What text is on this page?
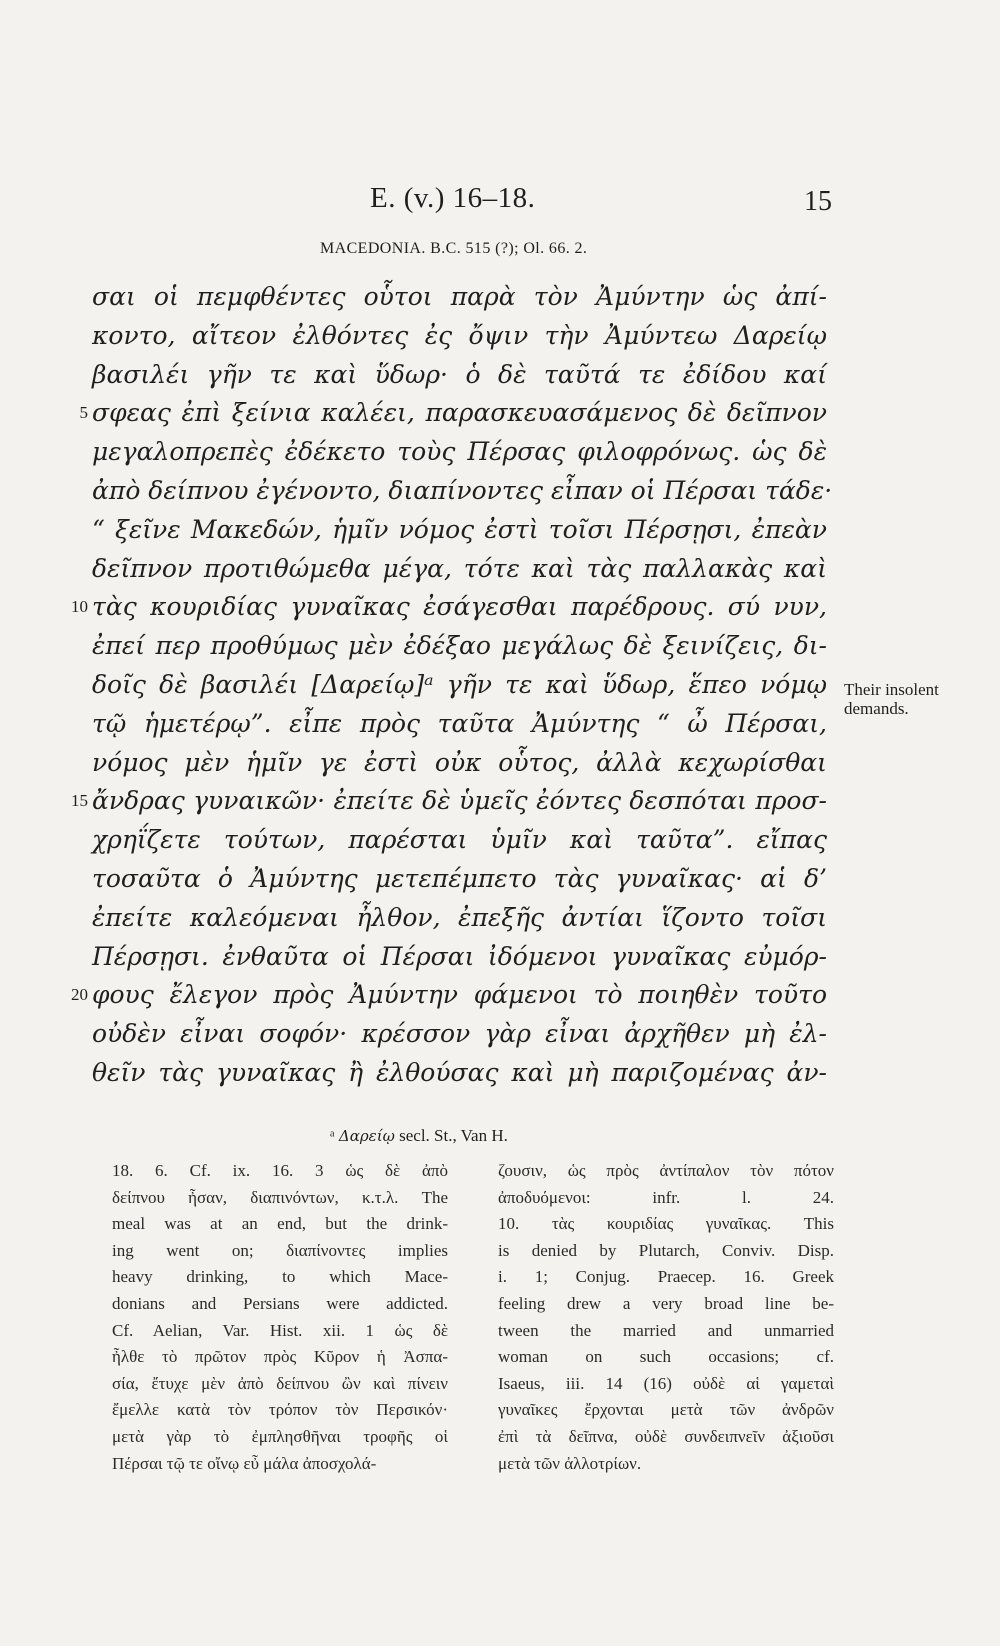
E. (v.) 16–18.	15
MACEDONIA. B.C. 515 (?); Ol. 66. 2.
σαι οἱ πεμφθέντες οὗτοι παρὰ τὸν Ἀμύντην ὡς ἀπί-
κοντο, αἴτεον ἐλθόντες ἐς ὄψιν τὴν Ἀμύντεω Δαρείῳ
βασιλέι γῆν τε καὶ ὕδωρ· ὁ δὲ ταῦτά τε ἐδίδου καί
σφεας ἐπὶ ξείνια καλέει, παρασκευασάμενος δὲ δεῖπνον
5
μεγαλοπρεπὲς ἐδέκετο τοὺς Πέρσας φιλοφρόνως. ὡς δὲ
ἀπὸ δείπνου ἐγένοντο, διαπίνοντες εἶπαν οἱ Πέρσαι τάδε·
“ ξεῖνε Μακεδών, ἡμῖν νόμος ἐστὶ τοῖσι Πέρσῃσι, ἐπεὰν
δεῖπνον προτιθώμεθα μέγα, τότε καὶ τὰς παλλακὰς καὶ
τὰς κουριδίας γυναῖκας ἐσάγεσθαι παρέδρους. σύ νυν,
10
ἐπεί περ προθύμως μὲν ἐδέξαο μεγάλως δὲ ξεινίζεις, δι-
δοῖς δὲ βασιλέι [Δαρείῳ]ᵃ γῆν τε καὶ ὕδωρ, ἕπεο νόμῳ
τῷ ἡμετέρῳ”. εἶπε πρὸς ταῦτα Ἀμύντης “ ὦ Πέρσαι,
νόμος μὲν ἡμῖν γε ἐστὶ οὐκ οὗτος, ἀλλὰ κεχωρίσθαι
ἄνδρας γυναικῶν· ἐπείτε δὲ ὑμεῖς ἐόντες δεσπόται προσ-
15
χρηΐζετε τούτων, παρέσται ὑμῖν καὶ ταῦτα”. εἴπας
τοσαῦτα ὁ Ἀμύντης μετεπέμπετο τὰς γυναῖκας· αἱ δ’
ἐπείτε καλεόμεναι ἦλθον, ἐπεξῆς ἀντίαι ἵζοντο τοῖσι
Πέρσῃσι. ἐνθαῦτα οἱ Πέρσαι ἰδόμενοι γυναῖκας εὐμόρ-
φους ἔλεγον πρὸς Ἀμύντην φάμενοι τὸ ποιηθὲν τοῦτο
20
οὐδὲν εἶναι σοφόν· κρέσσον γὰρ εἶναι ἀρχῆθεν μὴ ἐλ-
θεῖν τὰς γυναῖκας ἢ ἐλθούσας καὶ μὴ παριζομένας ἀν-
Their insolent demands.
ᵃ Δαρείῳ secl. St., Van H.
18. 6. Cf. ix. 16. 3 ὡς δὲ ἀπὸ
δείπνου ἦσαν, διαπινόντων, κ.τ.λ. The
meal was at an end, but the drink-
ing went on; διαπίνοντες implies
heavy drinking, to which Mace-
donians and Persians were addicted.
Cf. Aelian, Var. Hist. xii. 1 ὡς δὲ
ἦλθε τὸ πρῶτον πρὸς Κῦρον ἡ Ἀσπα-
σία, ἔτυχε μὲν ἀπὸ δείπνου ὢν καὶ πίνειν
ἔμελλε κατὰ τὸν τρόπον τὸν Περσικόν·
μετὰ γὰρ τὸ ἐμπλησθῆναι τροφῆς οἱ
Πέρσαι τῷ τε οἴνῳ εὖ μάλα ἀποσχολά-
ζουσιν, ὡς πρὸς ἀντίπαλον τὸν πότον
ἀποδυόμενοι: infr. l. 24.
10. τὰς κουριδίας γυναῖκας. This
is denied by Plutarch, Conviv. Disp.
i. 1; Conjug. Praecep. 16. Greek
feeling drew a very broad line be-
tween the married and unmarried
woman on such occasions; cf.
Isaeus, iii. 14 (16) οὐδὲ αἱ γαμεταὶ
γυναῖκες ἔρχονται μετὰ τῶν ἀνδρῶν
ἐπὶ τὰ δεῖπνα, οὐδὲ συνδειπνεῖν ἀξιοῦσι
μετὰ τῶν ἀλλοτρίων.
